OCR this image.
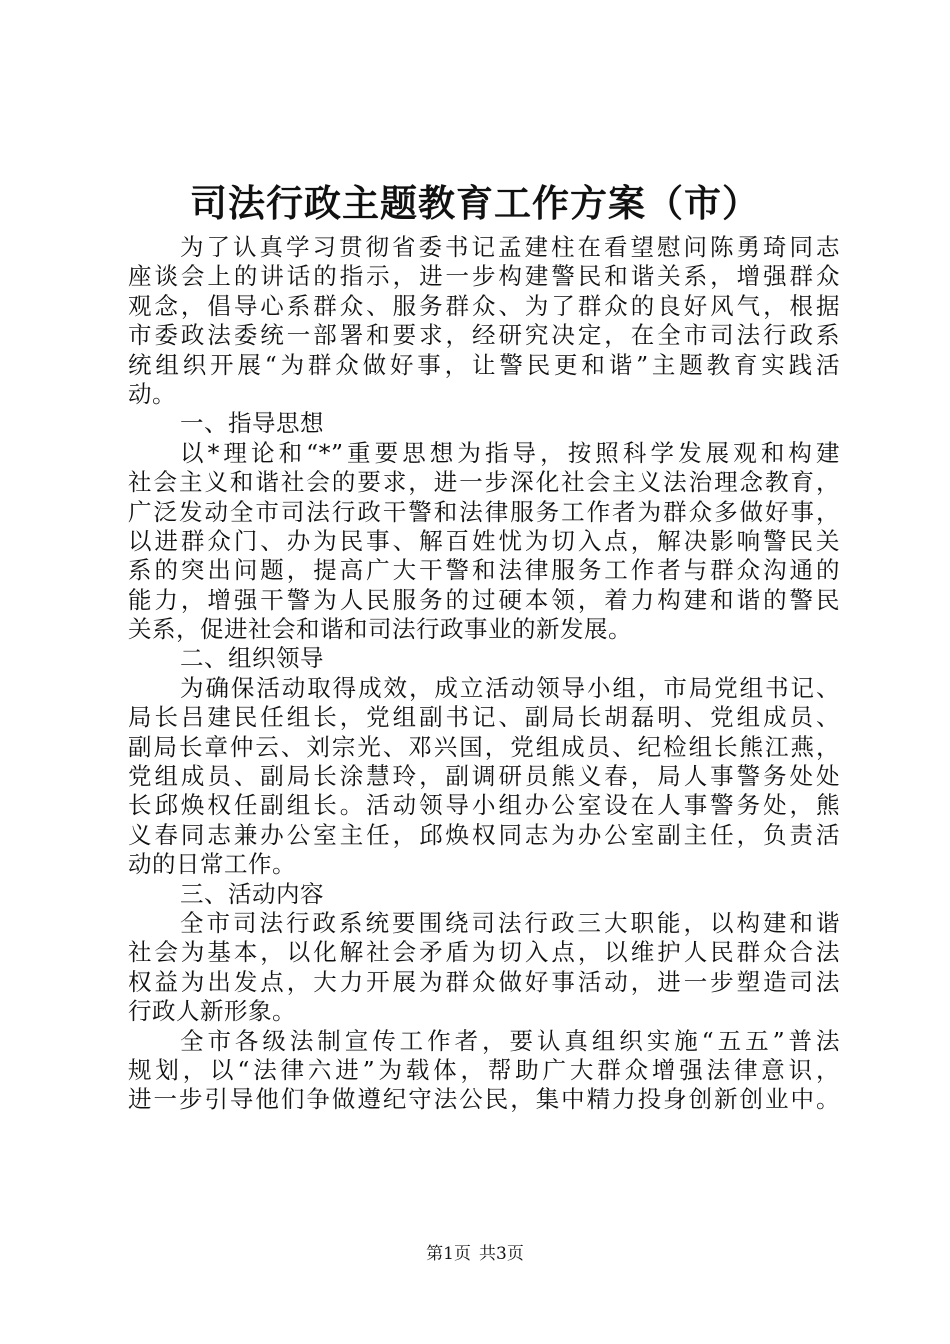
司法行政主题教育工作方案（市）
为了认真学习贯彻省委书记孟建柱在看望慰问陈勇琦同志
座谈会上的讲话的指示，进一步构建警民和谐关系，增强群众
观念，倡导心系群众、服务群众、为了群众的良好风气，根据
市委政法委统一部署和要求，经研究决定，在全市司法行政系
统组织开展“为群众做好事，让警民更和谐”主题教育实践活
动。
一、指导思想
以*理论和“*”重要思想为指导，按照科学发展观和构建
社会主义和谐社会的要求，进一步深化社会主义法治理念教育，
广泛发动全市司法行政干警和法律服务工作者为群众多做好事，
以进群众门、办为民事、解百姓忧为切入点，解决影响警民关
系的突出问题，提高广大干警和法律服务工作者与群众沟通的
能力，增强干警为人民服务的过硬本领，着力构建和谐的警民
关系，促进社会和谐和司法行政事业的新发展。
二、组织领导
为确保活动取得成效，成立活动领导小组，市局党组书记、
局长吕建民任组长，党组副书记、副局长胡磊明、党组成员、
副局长章仲云、刘宗光、邓兴国，党组成员、纪检组长熊江燕，
党组成员、副局长涂慧玲，副调研员熊义春，局人事警务处处
长邱焕权任副组长。活动领导小组办公室设在人事警务处，熊
义春同志兼办公室主任，邱焕权同志为办公室副主任，负责活
动的日常工作。
三、活动内容
全市司法行政系统要围绕司法行政三大职能，以构建和谐
社会为基本，以化解社会矛盾为切入点，以维护人民群众合法
权益为出发点，大力开展为群众做好事活动，进一步塑造司法
行政人新形象。
全市各级法制宣传工作者，要认真组织实施“五五”普法
规划，以“法律六进”为载体，帮助广大群众增强法律意识，
进一步引导他们争做遵纪守法公民，集中精力投身创新创业中。
第1页 共3页
